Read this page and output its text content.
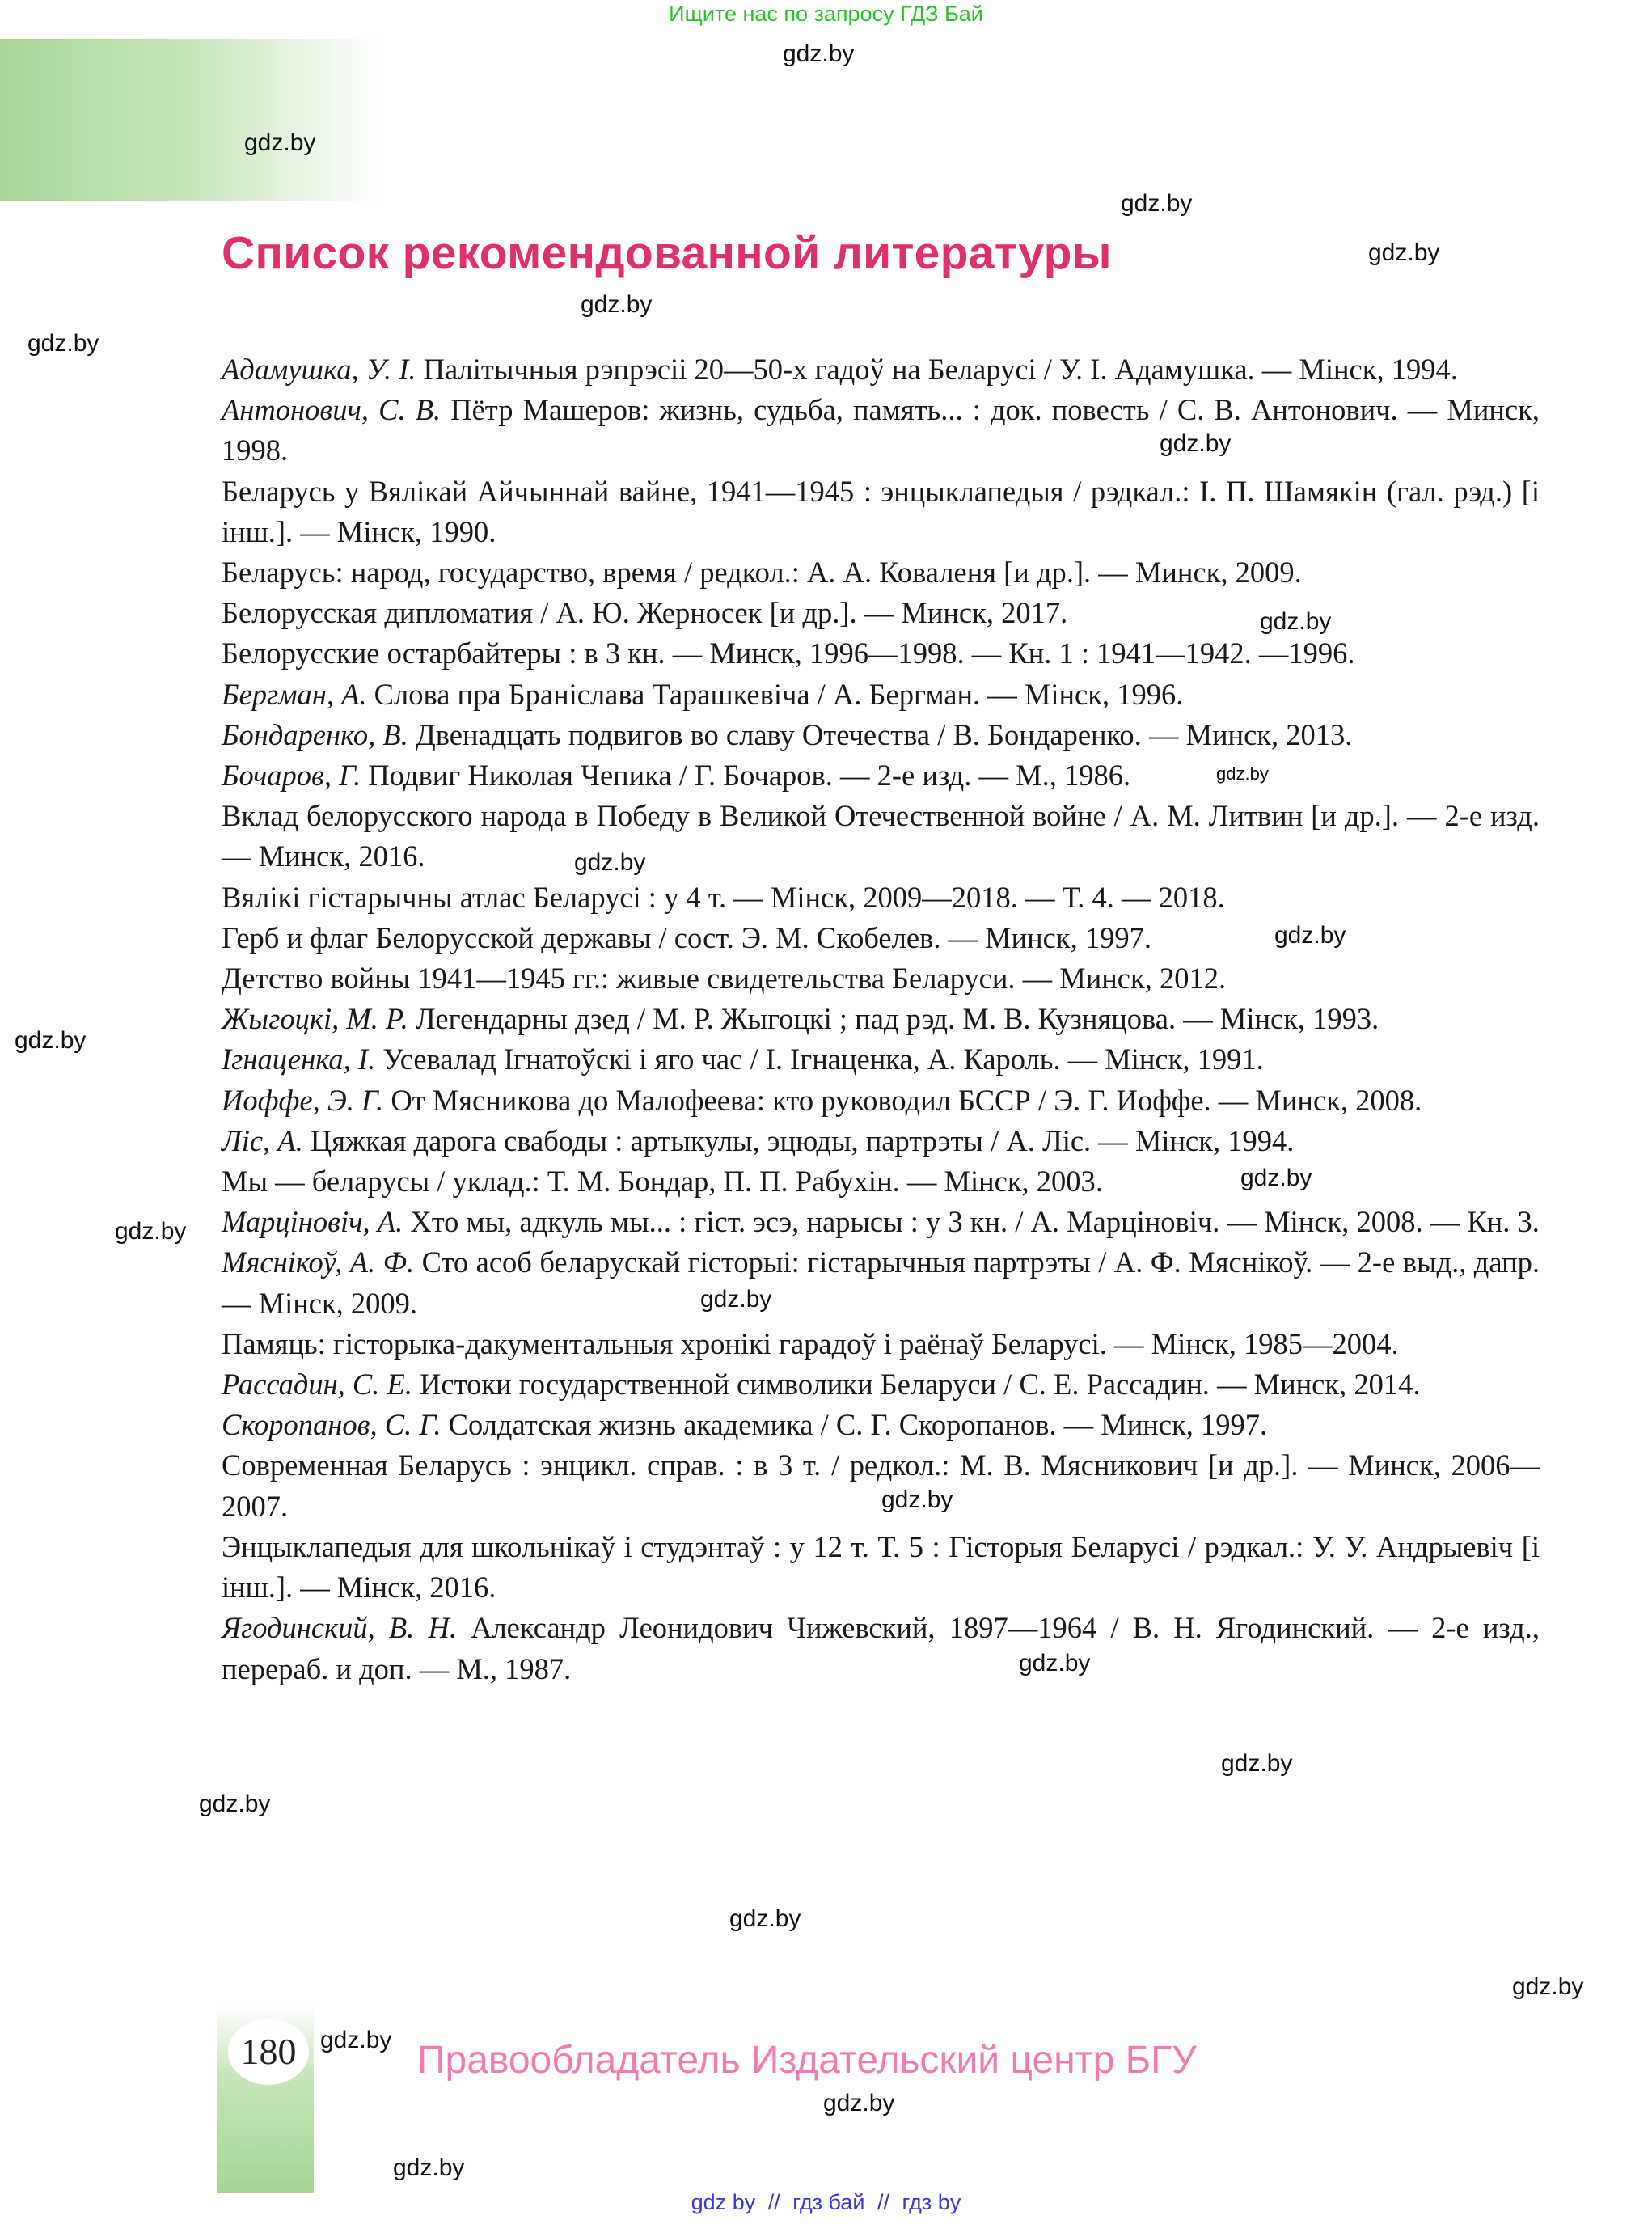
Ищите нас по запросу ГДЗ Бай
Список рекомендованной литературы
Адамушка, У. І. Палітычныя рэпрэсіі 20—50-х гадоў на Беларусі / У. І. Адамушка. — Мінск, 1994.
Антонович, С. В. Пётр Машеров: жизнь, судьба, память... : док. повесть / С. В. Антонович. — Минск, 1998.
Беларусь у Вялікай Айчыннай вайне, 1941—1945 : энцыклапедыя / рэдкал.: І. П. Шамякін (гал. рэд.) [і інш.]. — Мінск, 1990.
Беларусь: народ, государство, время / редкол.: А. А. Коваленя [и др.]. — Минск, 2009.
Белорусская дипломатия / А. Ю. Жерносек [и др.]. — Минск, 2017.
Белорусские остарбайтеры : в 3 кн. — Минск, 1996—1998. — Кн. 1 : 1941—1942. —1996.
Бергман, А. Слова пра Браніслава Тарашкевіча / А. Бергман. — Мінск, 1996.
Бондаренко, В. Двенадцать подвигов во славу Отечества / В. Бондаренко. — Минск, 2013.
Бочаров, Г. Подвиг Николая Чепика / Г. Бочаров. — 2-е изд. — М., 1986.
Вклад белорусского народа в Победу в Великой Отечественной войне / А. М. Литвин [и др.]. — 2-е изд. — Минск, 2016.
Вялікі гістарычны атлас Беларусі : у 4 т. — Мінск, 2009—2018. — Т. 4. — 2018.
Герб и флаг Белорусской державы / сост. Э. М. Скобелев. — Минск, 1997.
Детство войны 1941—1945 гг.: живые свидетельства Беларуси. — Минск, 2012.
Жыгоцкі, М. Р. Легендарны дзед / М. Р. Жыгоцкі ; пад рэд. М. В. Кузняцова. — Мінск, 1993.
Ігнаценка, І. Усевалад Ігнатоўскі і яго час / І. Ігнаценка, А. Кароль. — Мінск, 1991.
Иоффе, Э. Г. От Мясникова до Малофеева: кто руководил БССР / Э. Г. Иоффе. — Минск, 2008.
Ліс, А. Цяжкая дарога свабоды : артыкулы, эцюды, партрэты / А. Ліс. — Мінск, 1994.
Мы — беларусы / уклад.: Т. М. Бондар, П. П. Рабухін. — Мінск, 2003.
Марціновіч, А. Хто мы, адкуль мы... : гіст. эсэ, нарысы : у 3 кн. / А. Марціновіч. — Мінск, 2008. — Кн. 3.
Мяснікоў, А. Ф. Сто асоб беларускай гісторыі: гістарычныя партрэты / А. Ф. Мяснікоў. — 2-е выд., дапр. — Мінск, 2009.
Памяць: гісторыка-дакументальныя хронікі гарадоў і раёнаў Беларусі. — Мінск, 1985—2004.
Рассадин, С. Е. Истоки государственной символики Беларуси / С. Е. Рассадин. — Минск, 2014.
Скоропанов, С. Г. Солдатская жизнь академика / С. Г. Скоропанов. — Минск, 1997.
Современная Беларусь : энцикл. справ. : в 3 т. / редкол.: М. В. Мясникович [и др.]. — Минск, 2006—2007.
Энцыклапедыя для школьнікаў і студэнтаў : у 12 т. Т. 5 : Гісторыя Беларусі / рэдкал.: У. У. Андрыевіч [і інш.]. — Мінск, 2016.
Ягодинский, В. Н. Александр Леонидович Чижевский, 1897—1964 / В. Н. Ягодинский. — 2-е изд., перераб. и доп. — М., 1987.
180	Правообладатель Издательский центр БГУ
gdz.by
gdz.by
gdz.by
gdz.by
gdz.by
gdz.by
gdz.by
gdz.by
gdz.by
gdz.by
gdz.by
gdz.by
gdz.by
gdz.by
gdz.by
gdz.by
gdz.by
gdz.by
gdz.by
gdz.by
gdz.by
gdz.by
gdz.by
gdz.by
gdz by // гдз бай // гдз by
